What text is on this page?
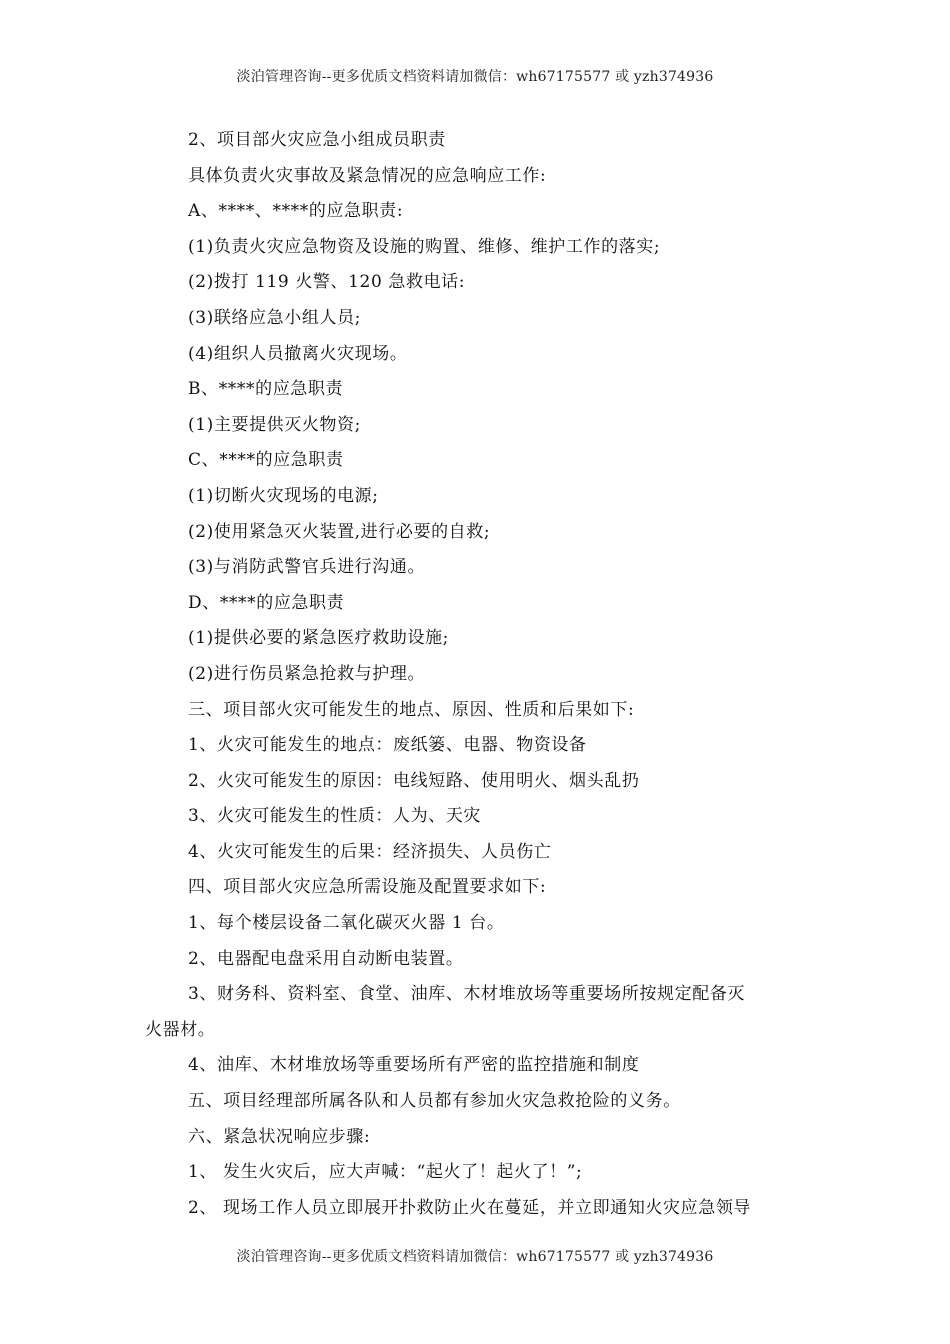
淡泊管理咨询--更多优质文档资料请加微信：wh67175577 或 yzh374936
2、项目部火灾应急小组成员职责
具体负责火灾事故及紧急情况的应急响应工作:
A、****、****的应急职责:
(1)负责火灾应急物资及设施的购置、维修、维护工作的落实;
(2)拨打 119 火警、120 急救电话:
(3)联络应急小组人员;
(4)组织人员撤离火灾现场。
B、****的应急职责
(1)主要提供灭火物资;
C、****的应急职责
(1)切断火灾现场的电源;
(2)使用紧急灭火装置,进行必要的自救;
(3)与消防武警官兵进行沟通。
D、****的应急职责
(1)提供必要的紧急医疗救助设施;
(2)进行伤员紧急抢救与护理。
三、项目部火灾可能发生的地点、原因、性质和后果如下:
1、火灾可能发生的地点：废纸篓、电器、物资设备
2、火灾可能发生的原因：电线短路、使用明火、烟头乱扔
3、火灾可能发生的性质：人为、天灾
4、火灾可能发生的后果：经济损失、人员伤亡
四、项目部火灾应急所需设施及配置要求如下:
1、每个楼层设备二氧化碳灭火器 1 台。
2、电器配电盘采用自动断电装置。
3、财务科、资料室、食堂、油库、木材堆放场等重要场所按规定配备灭
火器材。
4、油库、木材堆放场等重要场所有严密的监控措施和制度
五、项目经理部所属各队和人员都有参加火灾急救抢险的义务。
六、紧急状况响应步骤:
1、 发生火灾后，应大声喊：“起火了！起火了！”;
2、 现场工作人员立即展开扑救防止火在蔓延，并立即通知火灾应急领导
淡泊管理咨询--更多优质文档资料请加微信：wh67175577 或 yzh374936
